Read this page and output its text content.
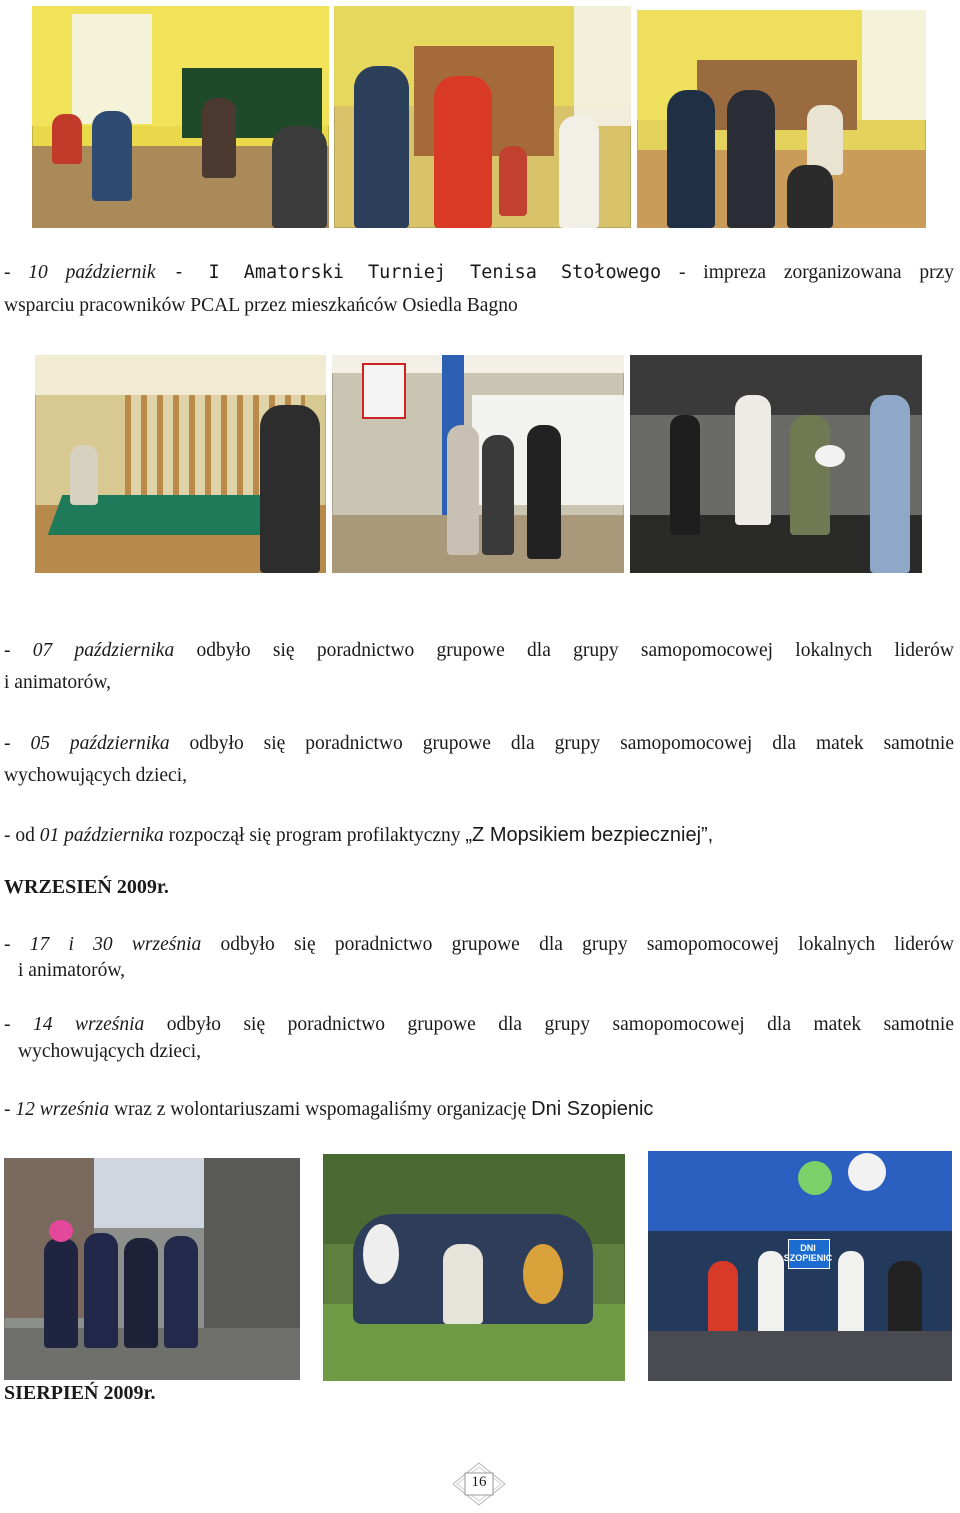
- 10 październik - I Amatorski Turniej Tenisa Stołowego - impreza zorganizowana przy
wsparciu pracowników PCAL przez mieszkańców Osiedla Bagno
- 07 października odbyło się poradnictwo grupowe dla grupy samopomocowej lokalnych liderów
i animatorów,
- 05 października odbyło się poradnictwo grupowe dla grupy samopomocowej dla matek samotnie
wychowujących dzieci,
- od 01 października rozpoczął się program profilaktyczny „Z Mopsikiem bezpieczniej”,
WRZESIEŃ 2009r.
- 17 i 30 września odbyło się poradnictwo grupowe dla grupy samopomocowej lokalnych liderów
i animatorów,
- 14 września odbyło się poradnictwo grupowe dla grupy samopomocowej dla matek samotnie
wychowujących dzieci,
- 12 września wraz z wolontariuszami wspomagaliśmy organizację Dni Szopienic
DNI SZOPIENIC
SIERPIEŃ 2009r.
16
